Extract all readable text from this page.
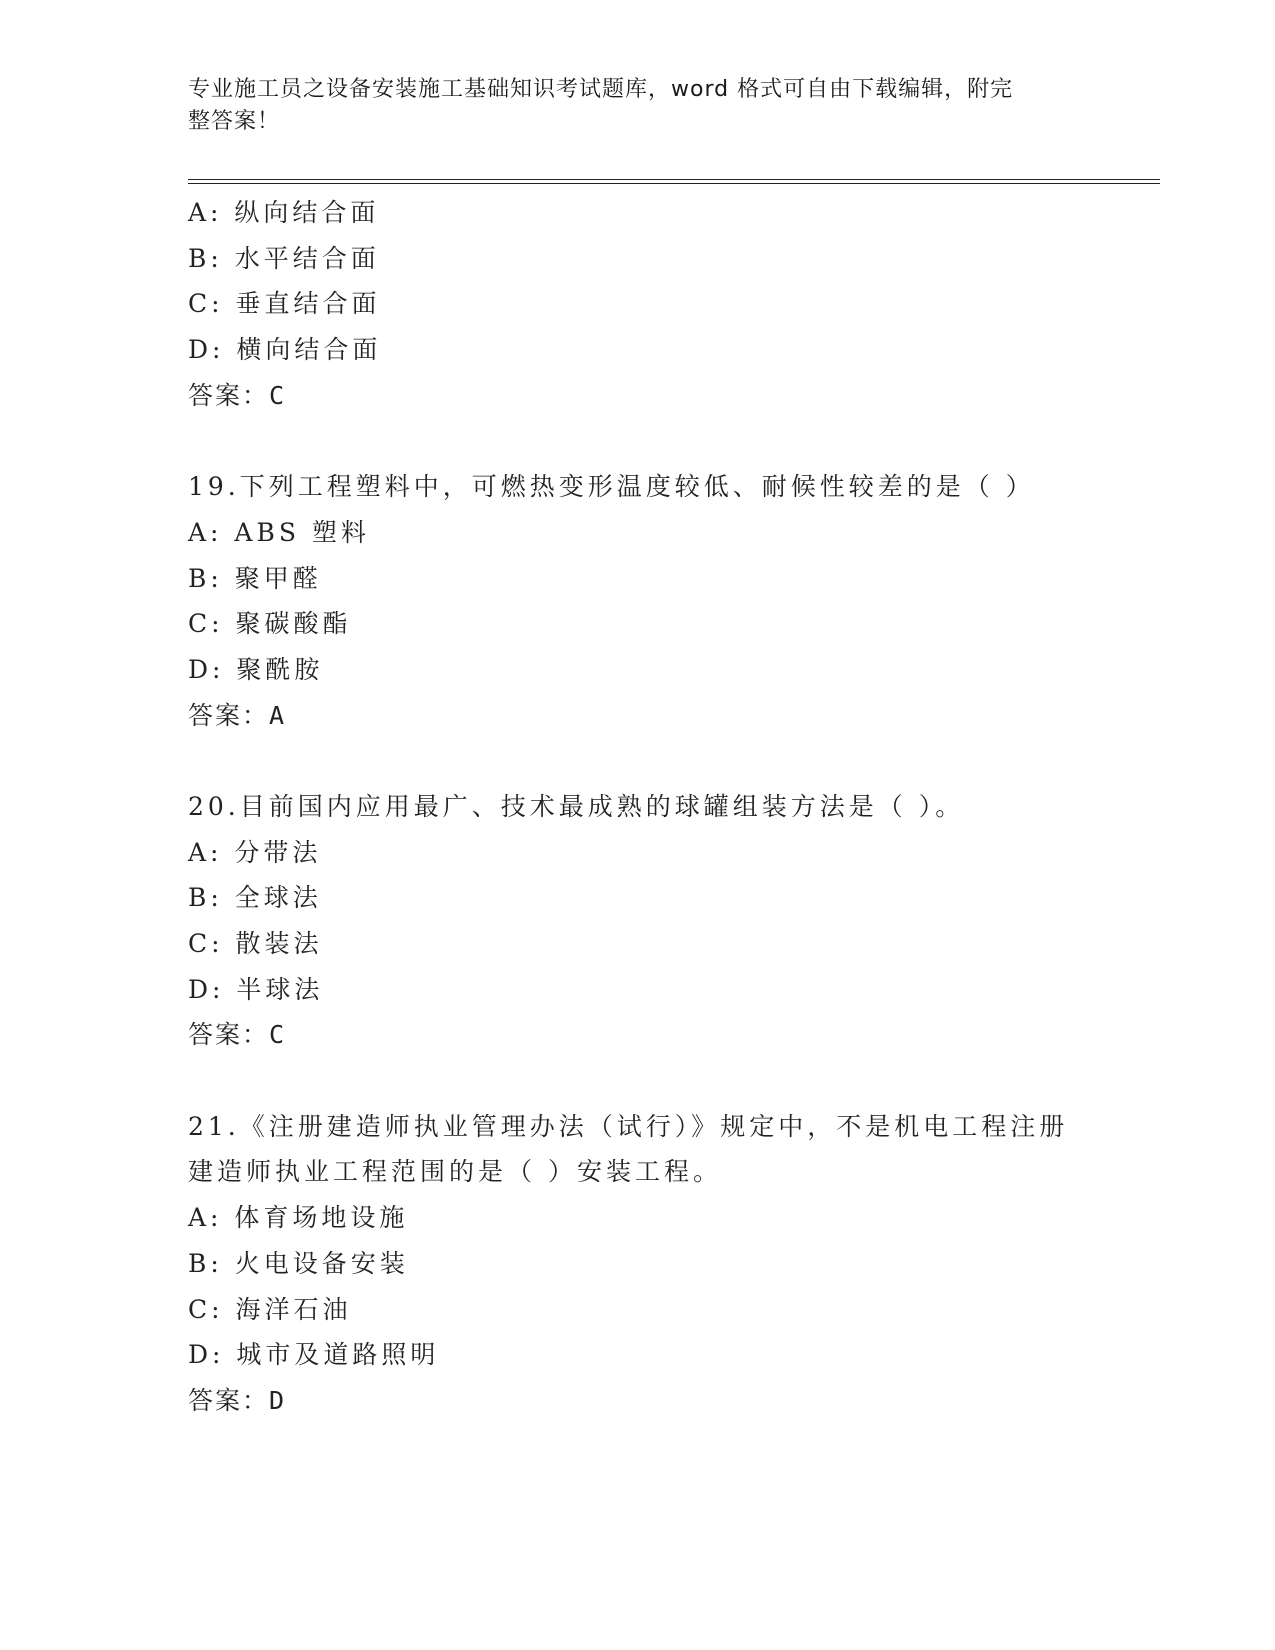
专业施工员之设备安装施工基础知识考试题库，word 格式可自由下载编辑，附完
整答案！
A: 纵向结合面
B: 水平结合面
C: 垂直结合面
D: 横向结合面
答案：C
19.下列工程塑料中，可燃热变形温度较低、耐候性较差的是（ ）
A: ABS 塑料
B: 聚甲醛
C: 聚碳酸酯
D: 聚酰胺
答案：A
20.目前国内应用最广、技术最成熟的球罐组装方法是（ ）。
A: 分带法
B: 全球法
C: 散装法
D: 半球法
答案：C
21.《注册建造师执业管理办法（试行）》规定中，不是机电工程注册
建造师执业工程范围的是（ ）安装工程。
A: 体育场地设施
B: 火电设备安装
C: 海洋石油
D: 城市及道路照明
答案：D
